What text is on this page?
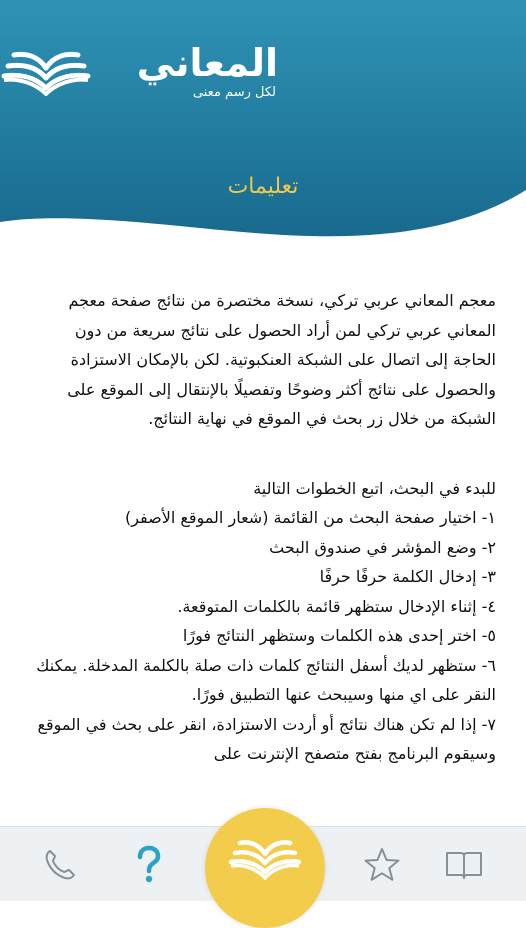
المعاني
لكل رسم معنى
تعليمات

معجم المعاني عربي تركي، نسخة مختصرة من نتائج صفحة معجم المعاني عربي تركي لمن أراد الحصول على نتائج سريعة من دون الحاجة إلى اتصال على الشبكة العنكبوتية. لكن بالإمكان الاستزادة والحصول على نتائج أكثر وضوحًا وتفصيلًا بالإنتقال إلى الموقع على الشبكة من خلال زر بحث في الموقع في نهاية النتائج.

للبدء في البحث، اتبع الخطوات التالية

١- اختيار صفحة البحث من القائمة (شعار الموقع الأصفر)

٢- وضع المؤشر في صندوق البحث

٣- إدخال الكلمة حرفًا حرفًا

٤- إثناء الإدخال ستظهر قائمة بالكلمات المتوقعة.

٥- اختر إحدى هذه الكلمات وستظهر النتائج فورًا

٦- ستظهر لديك أسفل النتائج كلمات ذات صلة بالكلمة المدخلة. يمكنك النقر على اي منها وسيبحث عنها التطبيق فورًا.

٧- إذا لم تكن هناك نتائج أو أردت الاستزادة، انقر على بحث في الموقع وسيقوم البرنامج بفتح متصفح الإنترنت على
